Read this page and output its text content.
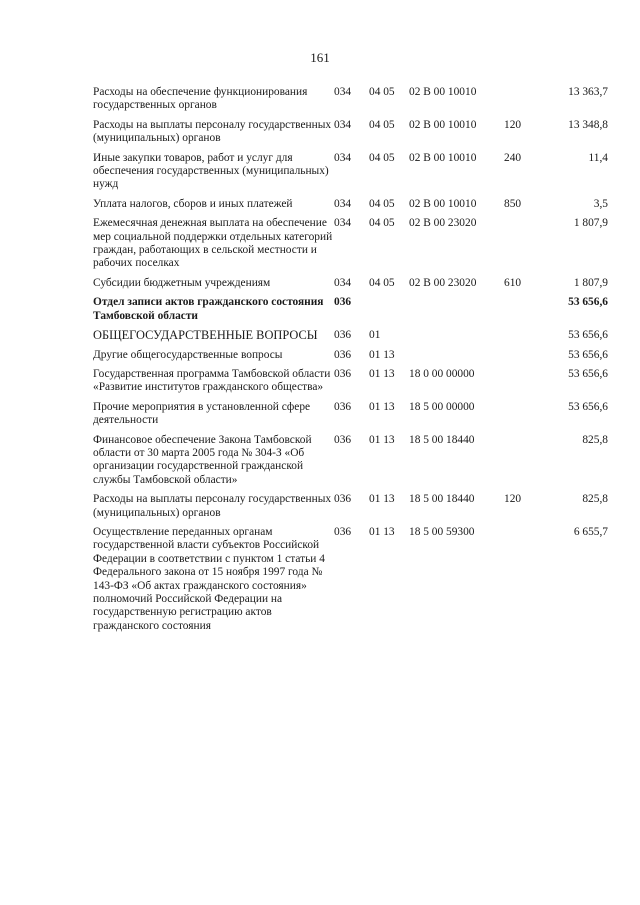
161
Расходы на обеспечение функционирования государственных органов	034	04 05	02 В 00 10010		13 363,7
Расходы на выплаты персоналу государственных (муниципальных) органов	034	04 05	02 В 00 10010	120	13 348,8
Иные закупки товаров, работ и услуг для обеспечения государственных (муниципальных) нужд	034	04 05	02 В 00 10010	240	11,4
Уплата налогов, сборов и иных платежей	034	04 05	02 В 00 10010	850	3,5
Ежемесячная денежная выплата на обеспечение мер социальной поддержки отдельных категорий граждан, работающих в сельской местности и рабочих поселках	034	04 05	02 В 00 23020		1 807,9
Субсидии бюджетным учреждениям	034	04 05	02 В 00 23020	610	1 807,9
Отдел записи актов гражданского состояния Тамбовской области	036				53 656,6
ОБЩЕГОСУДАРСТВЕННЫЕ ВОПРОСЫ	036	01			53 656,6
Другие общегосударственные вопросы	036	01 13			53 656,6
Государственная программа Тамбовской области «Развитие институтов гражданского общества»	036	01 13	18 0 00 00000		53 656,6
Прочие мероприятия в установленной сфере деятельности	036	01 13	18 5 00 00000		53 656,6
Финансовое обеспечение Закона Тамбовской области от 30 марта 2005 года № 304-З «Об организации государственной гражданской службы Тамбовской области»	036	01 13	18 5 00 18440		825,8
Расходы на выплаты персоналу государственных (муниципальных) органов	036	01 13	18 5 00 18440	120	825,8
Осуществление переданных органам государственной власти субъектов Российской Федерации в соответствии с пунктом 1 статьи 4 Федерального закона от 15 ноября 1997 года № 143-ФЗ «Об актах гражданского состояния» полномочий Российской Федерации на государственную регистрацию актов гражданского состояния	036	01 13	18 5 00 59300		6 655,7
